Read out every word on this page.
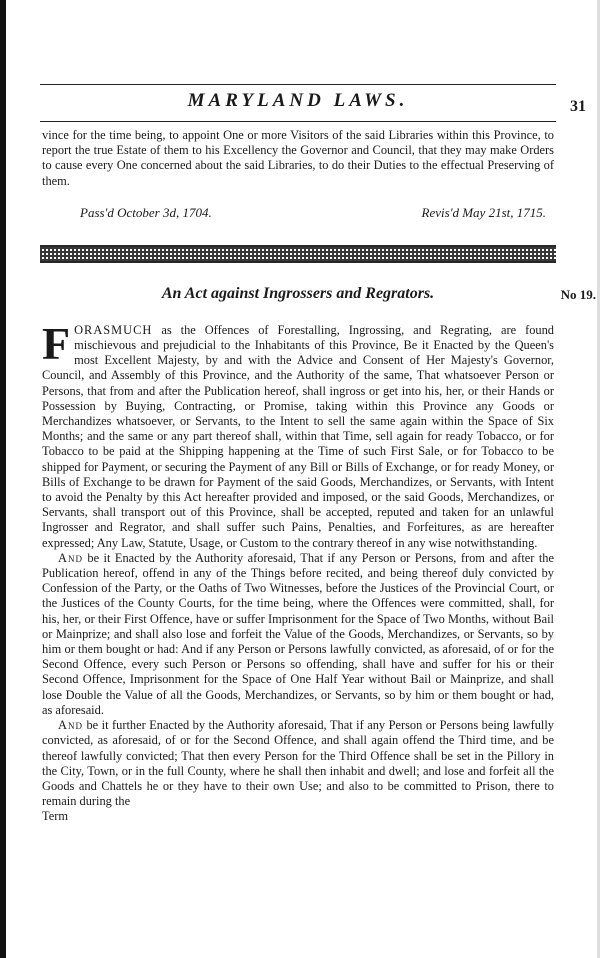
MARYLAND LAWS.	31

vince for the time being, to appoint One or more Visitors of the said Libraries within this Province, to report the true Estate of them to his Excellency the Governor and Council, that they may make Orders to cause every One concerned about the said Libraries, to do their Duties to the effectual Preserving of them.

Pass'd October 3d, 1704.	Revis'd May 21st, 1715.
An Act against Ingrossers and Regrators.	No 19.

FORASMUCH as the Offences of Forestalling, Ingrossing, and Regrating, are found mischievous and prejudicial to the Inhabitants of this Province, Be it Enacted by the Queen's most Excellent Majesty, by and with the Advice and Consent of Her Majesty's Governor, Council, and Assembly of this Province, and the Authority of the same, That whatsoever Person or Persons, that from and after the Publication hereof, shall ingross or get into his, her, or their Hands or Possession by Buying, Contracting, or Promise, taking within this Province any Goods or Merchandizes whatsoever, or Servants, to the Intent to sell the same again within the Space of Six Months; and the same or any part thereof shall, within that Time, sell again for ready Tobacco, or for Tobacco to be paid at the Shipping happening at the Time of such First Sale, or for Tobacco to be shipped for Payment, or securing the Payment of any Bill or Bills of Exchange, or for ready Money, or Bills of Exchange to be drawn for Payment of the said Goods, Merchandizes, or Servants, with Intent to avoid the Penalty by this Act hereafter provided and imposed, or the said Goods, Merchandizes, or Servants, shall transport out of this Province, shall be accepted, reputed and taken for an unlawful Ingrosser and Regrator, and shall suffer such Pains, Penalties, and Forfeitures, as are hereafter expressed; Any Law, Statute, Usage, or Custom to the contrary thereof in any wise notwithstanding.

And be it Enacted by the Authority aforesaid, That if any Person or Persons, from and after the Publication hereof, offend in any of the Things before recited, and being thereof duly convicted by Confession of the Party, or the Oaths of Two Witnesses, before the Justices of the Provincial Court, or the Justices of the County Courts, for the time being, where the Offences were committed, shall, for his, her, or their First Offence, have or suffer Imprisonment for the Space of Two Months, without Bail or Mainprize; and shall also lose and forfeit the Value of the Goods, Merchandizes, or Servants, so by him or them bought or had: And if any Person or Persons lawfully convicted, as aforesaid, of or for the Second Offence, every such Person or Persons so offending, shall have and suffer for his or their Second Offence, Imprisonment for the Space of One Half Year without Bail or Mainprize, and shall lose Double the Value of all the Goods, Merchandizes, or Servants, so by him or them bought or had, as aforesaid.

And be it further Enacted by the Authority aforesaid, That if any Person or Persons being lawfully convicted, as aforesaid, of or for the Second Offence, and shall again offend the Third time, and be thereof lawfully convicted; That then every Person for the Third Offence shall be set in the Pillory in the City, Town, or in the full County, where he shall then inhabit and dwell; and lose and forfeit all the Goods and Chattels he or they have to their own Use; and also to be committed to Prison, there to remain during the

Term
